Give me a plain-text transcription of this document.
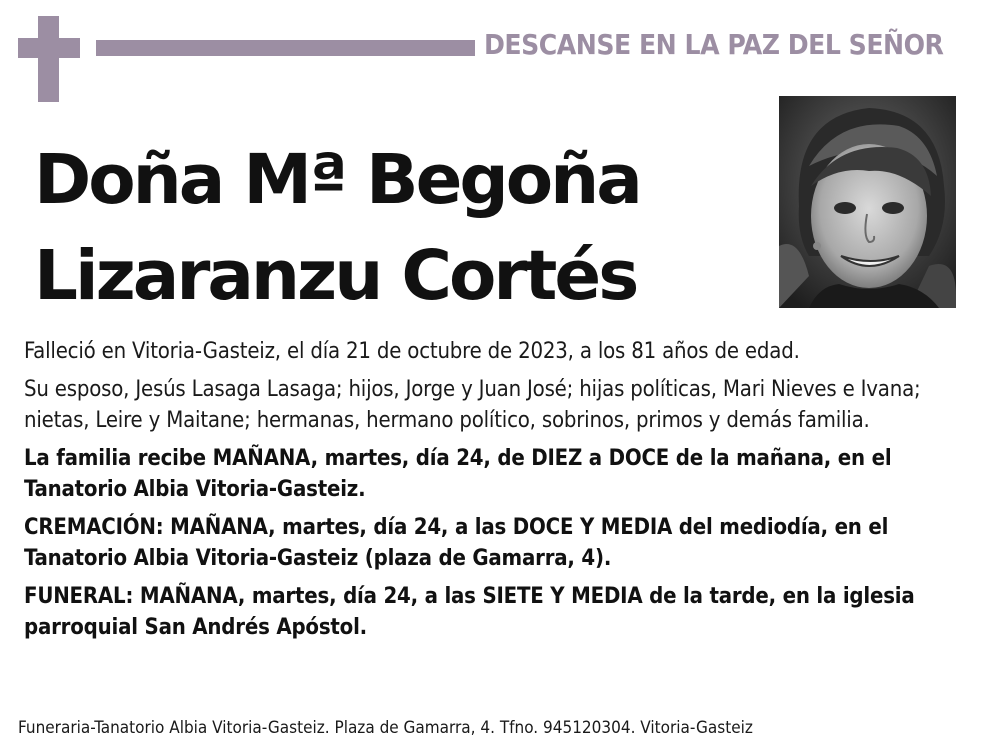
DESCANSE EN LA PAZ DEL SEÑOR
Doña Mª Begoña
Lizaranzu Cortés

Falleció en Vitoria-Gasteiz, el día 21 de octubre de 2023, a los 81 años de edad.

Su esposo, Jesús Lasaga Lasaga; hijos, Jorge y Juan José; hijas políticas, Mari Nieves e Ivana; nietas, Leire y Maitane; hermanas, hermano político, sobrinos, primos y demás familia.

La familia recibe MAÑANA, martes, día 24, de DIEZ a DOCE de la mañana, en el Tanatorio Albia Vitoria-Gasteiz.

CREMACIÓN: MAÑANA, martes, día 24, a las DOCE Y MEDIA del mediodía, en el Tanatorio Albia Vitoria-Gasteiz (plaza de Gamarra, 4).

FUNERAL: MAÑANA, martes, día 24, a las SIETE Y MEDIA de la tarde, en la iglesia parroquial San Andrés Apóstol.

Funeraria-Tanatorio Albia Vitoria-Gasteiz. Plaza de Gamarra, 4. Tfno. 945120304. Vitoria-Gasteiz
